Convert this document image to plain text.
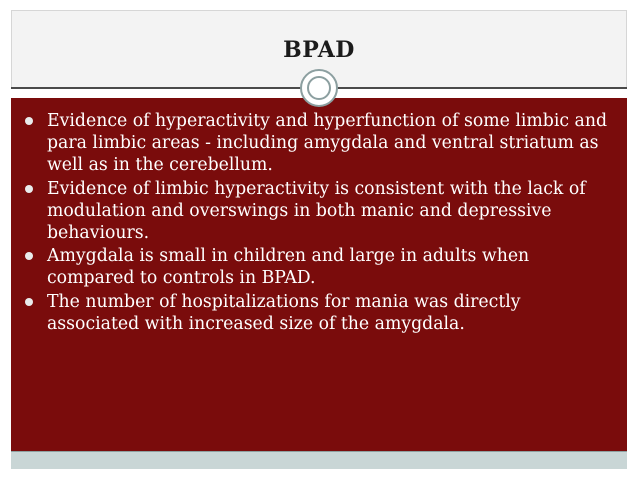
BPAD
Evidence of hyperactivity and hyperfunction of some limbic and para limbic areas - including amygdala and ventral striatum as well as in the cerebellum.
Evidence of limbic hyperactivity is consistent with the lack of modulation and overswings in both manic and depressive behaviours.
Amygdala is small in children and large in adults when compared to controls in BPAD.
The number of hospitalizations for mania was directly associated with increased size of the amygdala.
